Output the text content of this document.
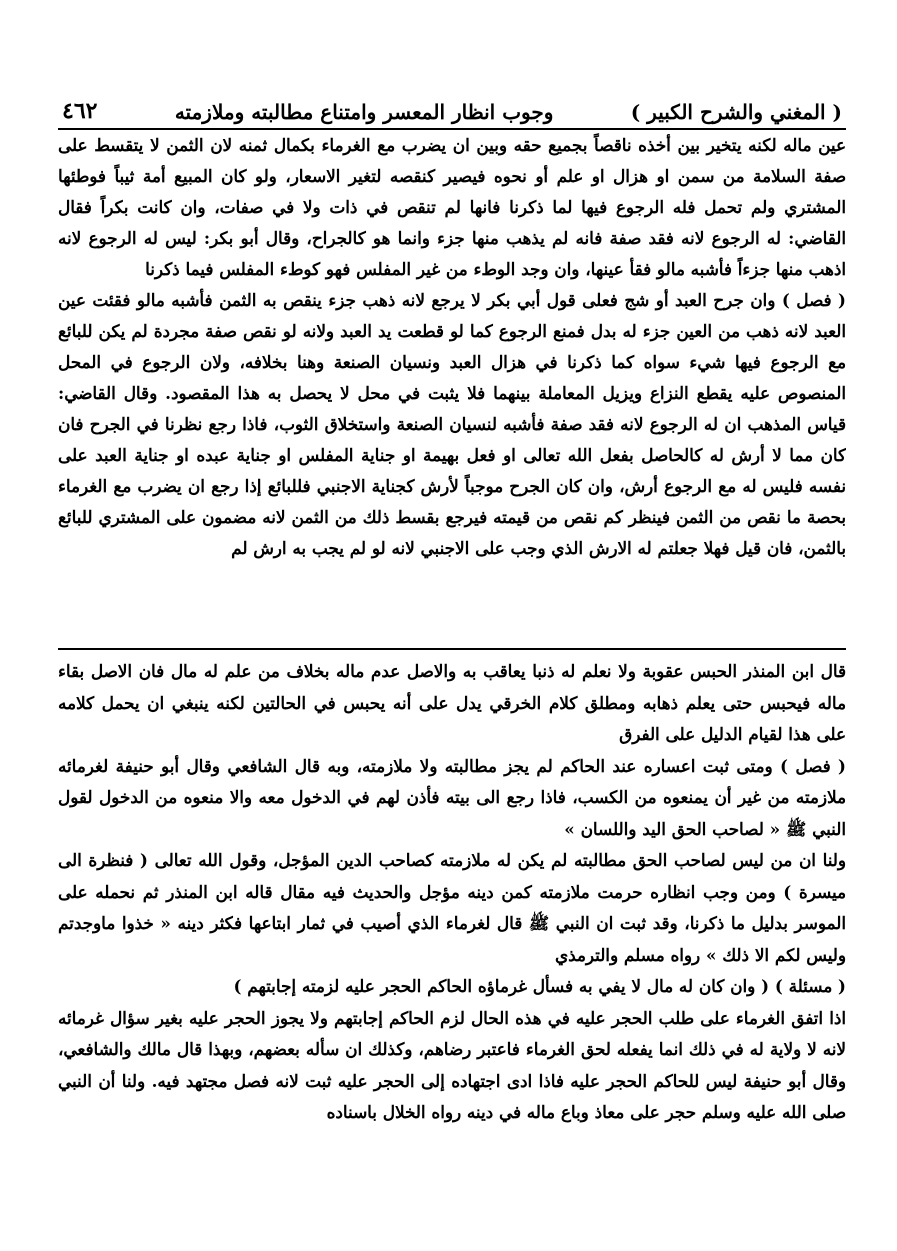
٤٦٢	وجوب انظار المعسر وامتناع مطالبته وملازمته	( المغني والشرح الكبير )

عين ماله لكنه يتخير بين أخذه ناقصاً بجميع حقه وبين ان يضرب مع الغرماء بكمال ثمنه لان الثمن لا يتقسط على صفة السلامة من سمن او هزال او علم أو نحوه فيصير كنقصه لتغير الاسعار، ولو كان المبيع أمة ثيباً فوطئها المشتري ولم تحمل فله الرجوع فيها لما ذكرنا فانها لم تنقص في ذات ولا في صفات، وان كانت بكراً فقال القاضي: له الرجوع لانه فقد صفة فانه لم يذهب منها جزء وانما هو كالجراح، وقال أبو بكر: ليس له الرجوع لانه اذهب منها جزءاً فأشبه مالو فقأ عينها، وان وجد الوطء من غير المفلس فهو كوطء المفلس فيما ذكرنا

( فصل ) وان جرح العبد أو شج فعلى قول أبي بكر لا يرجع لانه ذهب جزء ينقص به الثمن فأشبه مالو فقئت عين العبد لانه ذهب من العين جزء له بدل فمنع الرجوع كما لو قطعت يد العبد ولانه لو نقص صفة مجردة لم يكن للبائع مع الرجوع فيها شيء سواه كما ذكرنا في هزال العبد ونسيان الصنعة وهنا بخلافه، ولان الرجوع في المحل المنصوص عليه يقطع النزاع ويزيل المعاملة بينهما فلا يثبت في محل لا يحصل به هذا المقصود. وقال القاضي: قياس المذهب ان له الرجوع لانه فقد صفة فأشبه لنسيان الصنعة واستخلاق الثوب، فاذا رجع نظرنا في الجرح فان كان مما لا أرش له كالحاصل بفعل الله تعالى او فعل بهيمة او جناية المفلس او جناية عبده او جناية العبد على نفسه فليس له مع الرجوع أرش، وان كان الجرح موجباً لأرش كجناية الاجنبي فللبائع إذا رجع ان يضرب مع الغرماء بحصة ما نقص من الثمن فينظر كم نقص من قيمته فيرجع بقسط ذلك من الثمن لانه مضمون على المشتري للبائع بالثمن، فان قيل فهلا جعلتم له الارش الذي وجب على الاجنبي لانه لو لم يجب به ارش لم

قال ابن المنذر الحبس عقوبة ولا نعلم له ذنبا يعاقب به والاصل عدم ماله بخلاف من علم له مال فان الاصل بقاء ماله فيحبس حتى يعلم ذهابه ومطلق كلام الخرقي يدل على أنه يحبس في الحالتين لكنه ينبغي ان يحمل كلامه على هذا لقيام الدليل على الفرق

( فصل ) ومتى ثبت اعساره عند الحاكم لم يجز مطالبته ولا ملازمته، وبه قال الشافعي وقال أبو حنيفة لغرمائه ملازمته من غير أن يمنعوه من الكسب، فاذا رجع الى بيته فأذن لهم في الدخول معه والا منعوه من الدخول لقول النبي ﷺ « لصاحب الحق اليد واللسان »

ولنا ان من ليس لصاحب الحق مطالبته لم يكن له ملازمته كصاحب الدين المؤجل، وقول الله تعالى ( فنظرة الى ميسرة ) ومن وجب انظاره حرمت ملازمته كمن دينه مؤجل والحديث فيه مقال قاله ابن المنذر ثم نحمله على الموسر بدليل ما ذكرنا، وقد ثبت ان النبي ﷺ قال لغرماء الذي أصيب في ثمار ابتاعها فكثر دينه « خذوا ماوجدتم وليس لكم الا ذلك » رواه مسلم والترمذي

( مسئلة ) ( وان كان له مال لا يفي به فسأل غرماؤه الحاكم الحجر عليه لزمته إجابتهم )

اذا اتفق الغرماء على طلب الحجر عليه في هذه الحال لزم الحاكم إجابتهم ولا يجوز الحجر عليه بغير سؤال غرمائه لانه لا ولاية له في ذلك انما يفعله لحق الغرماء فاعتبر رضاهم، وكذلك ان سأله بعضهم، وبهذا قال مالك والشافعي، وقال أبو حنيفة ليس للحاكم الحجر عليه فاذا ادى اجتهاده إلى الحجر عليه ثبت لانه فصل مجتهد فيه. ولنا أن النبي صلى الله عليه وسلم حجر على معاذ وباع ماله في دينه رواه الخلال باسناده
